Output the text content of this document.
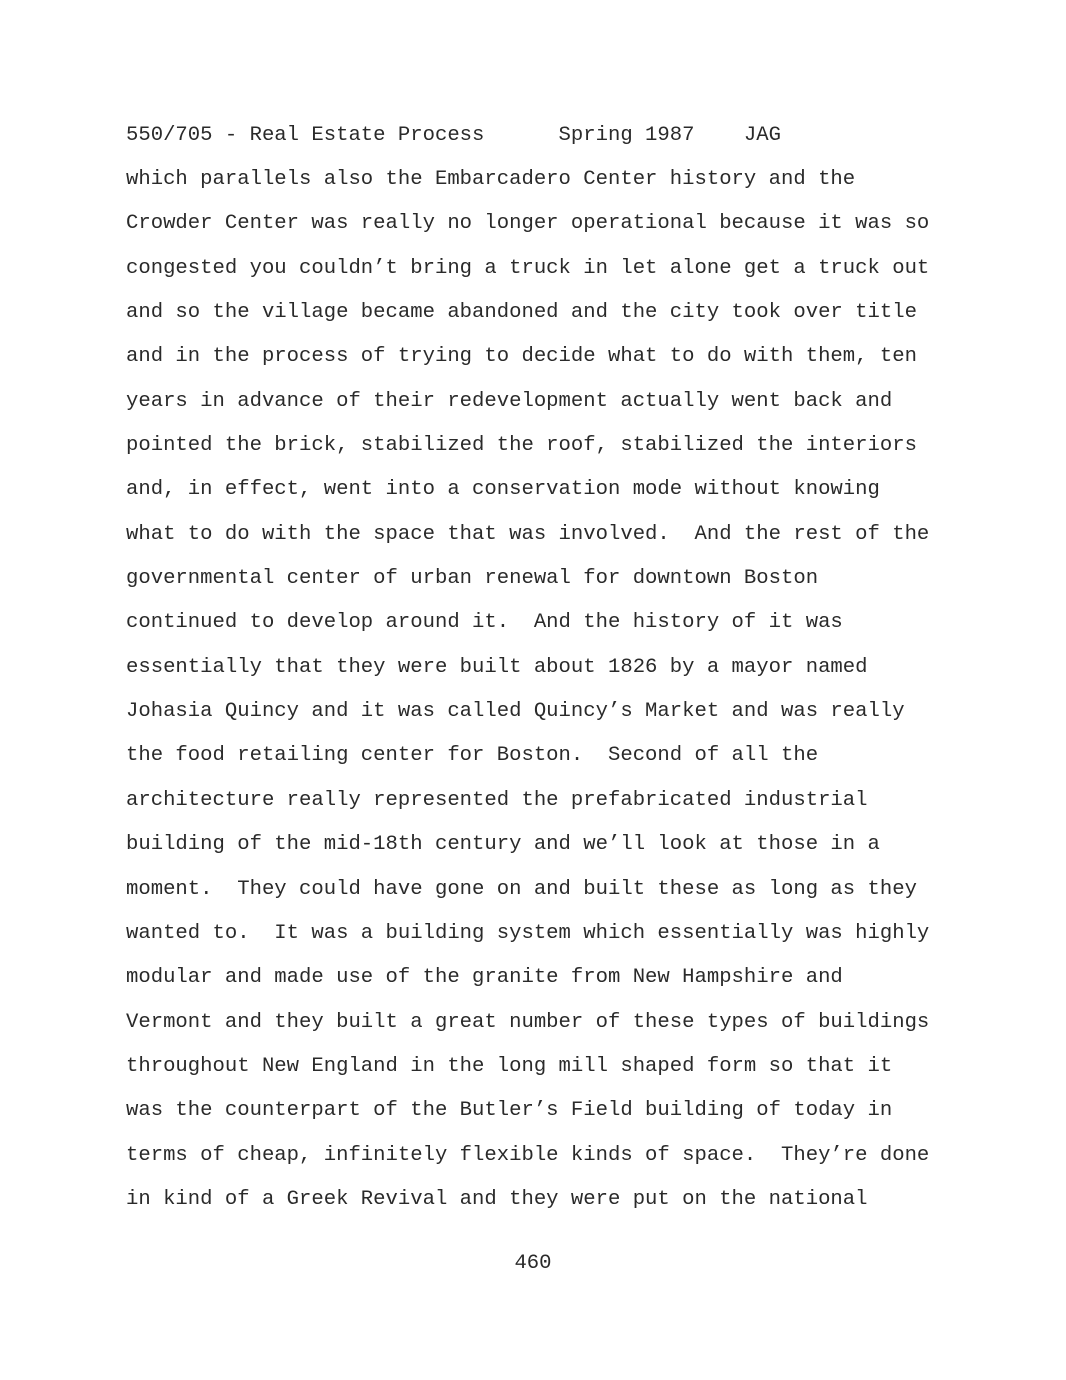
550/705 - Real Estate Process      Spring 1987    JAG
which parallels also the Embarcadero Center history and the
Crowder Center was really no longer operational because it was so
congested you couldn’t bring a truck in let alone get a truck out
and so the village became abandoned and the city took over title
and in the process of trying to decide what to do with them, ten
years in advance of their redevelopment actually went back and
pointed the brick, stabilized the roof, stabilized the interiors
and, in effect, went into a conservation mode without knowing
what to do with the space that was involved.  And the rest of the
governmental center of urban renewal for downtown Boston
continued to develop around it.  And the history of it was
essentially that they were built about 1826 by a mayor named
Johasia Quincy and it was called Quincy’s Market and was really
the food retailing center for Boston.  Second of all the
architecture really represented the prefabricated industrial
building of the mid-18th century and we’ll look at those in a
moment.  They could have gone on and built these as long as they
wanted to.  It was a building system which essentially was highly
modular and made use of the granite from New Hampshire and
Vermont and they built a great number of these types of buildings
throughout New England in the long mill shaped form so that it
was the counterpart of the Butler’s Field building of today in
terms of cheap, infinitely flexible kinds of space.  They’re done
in kind of a Greek Revival and they were put on the national
460
